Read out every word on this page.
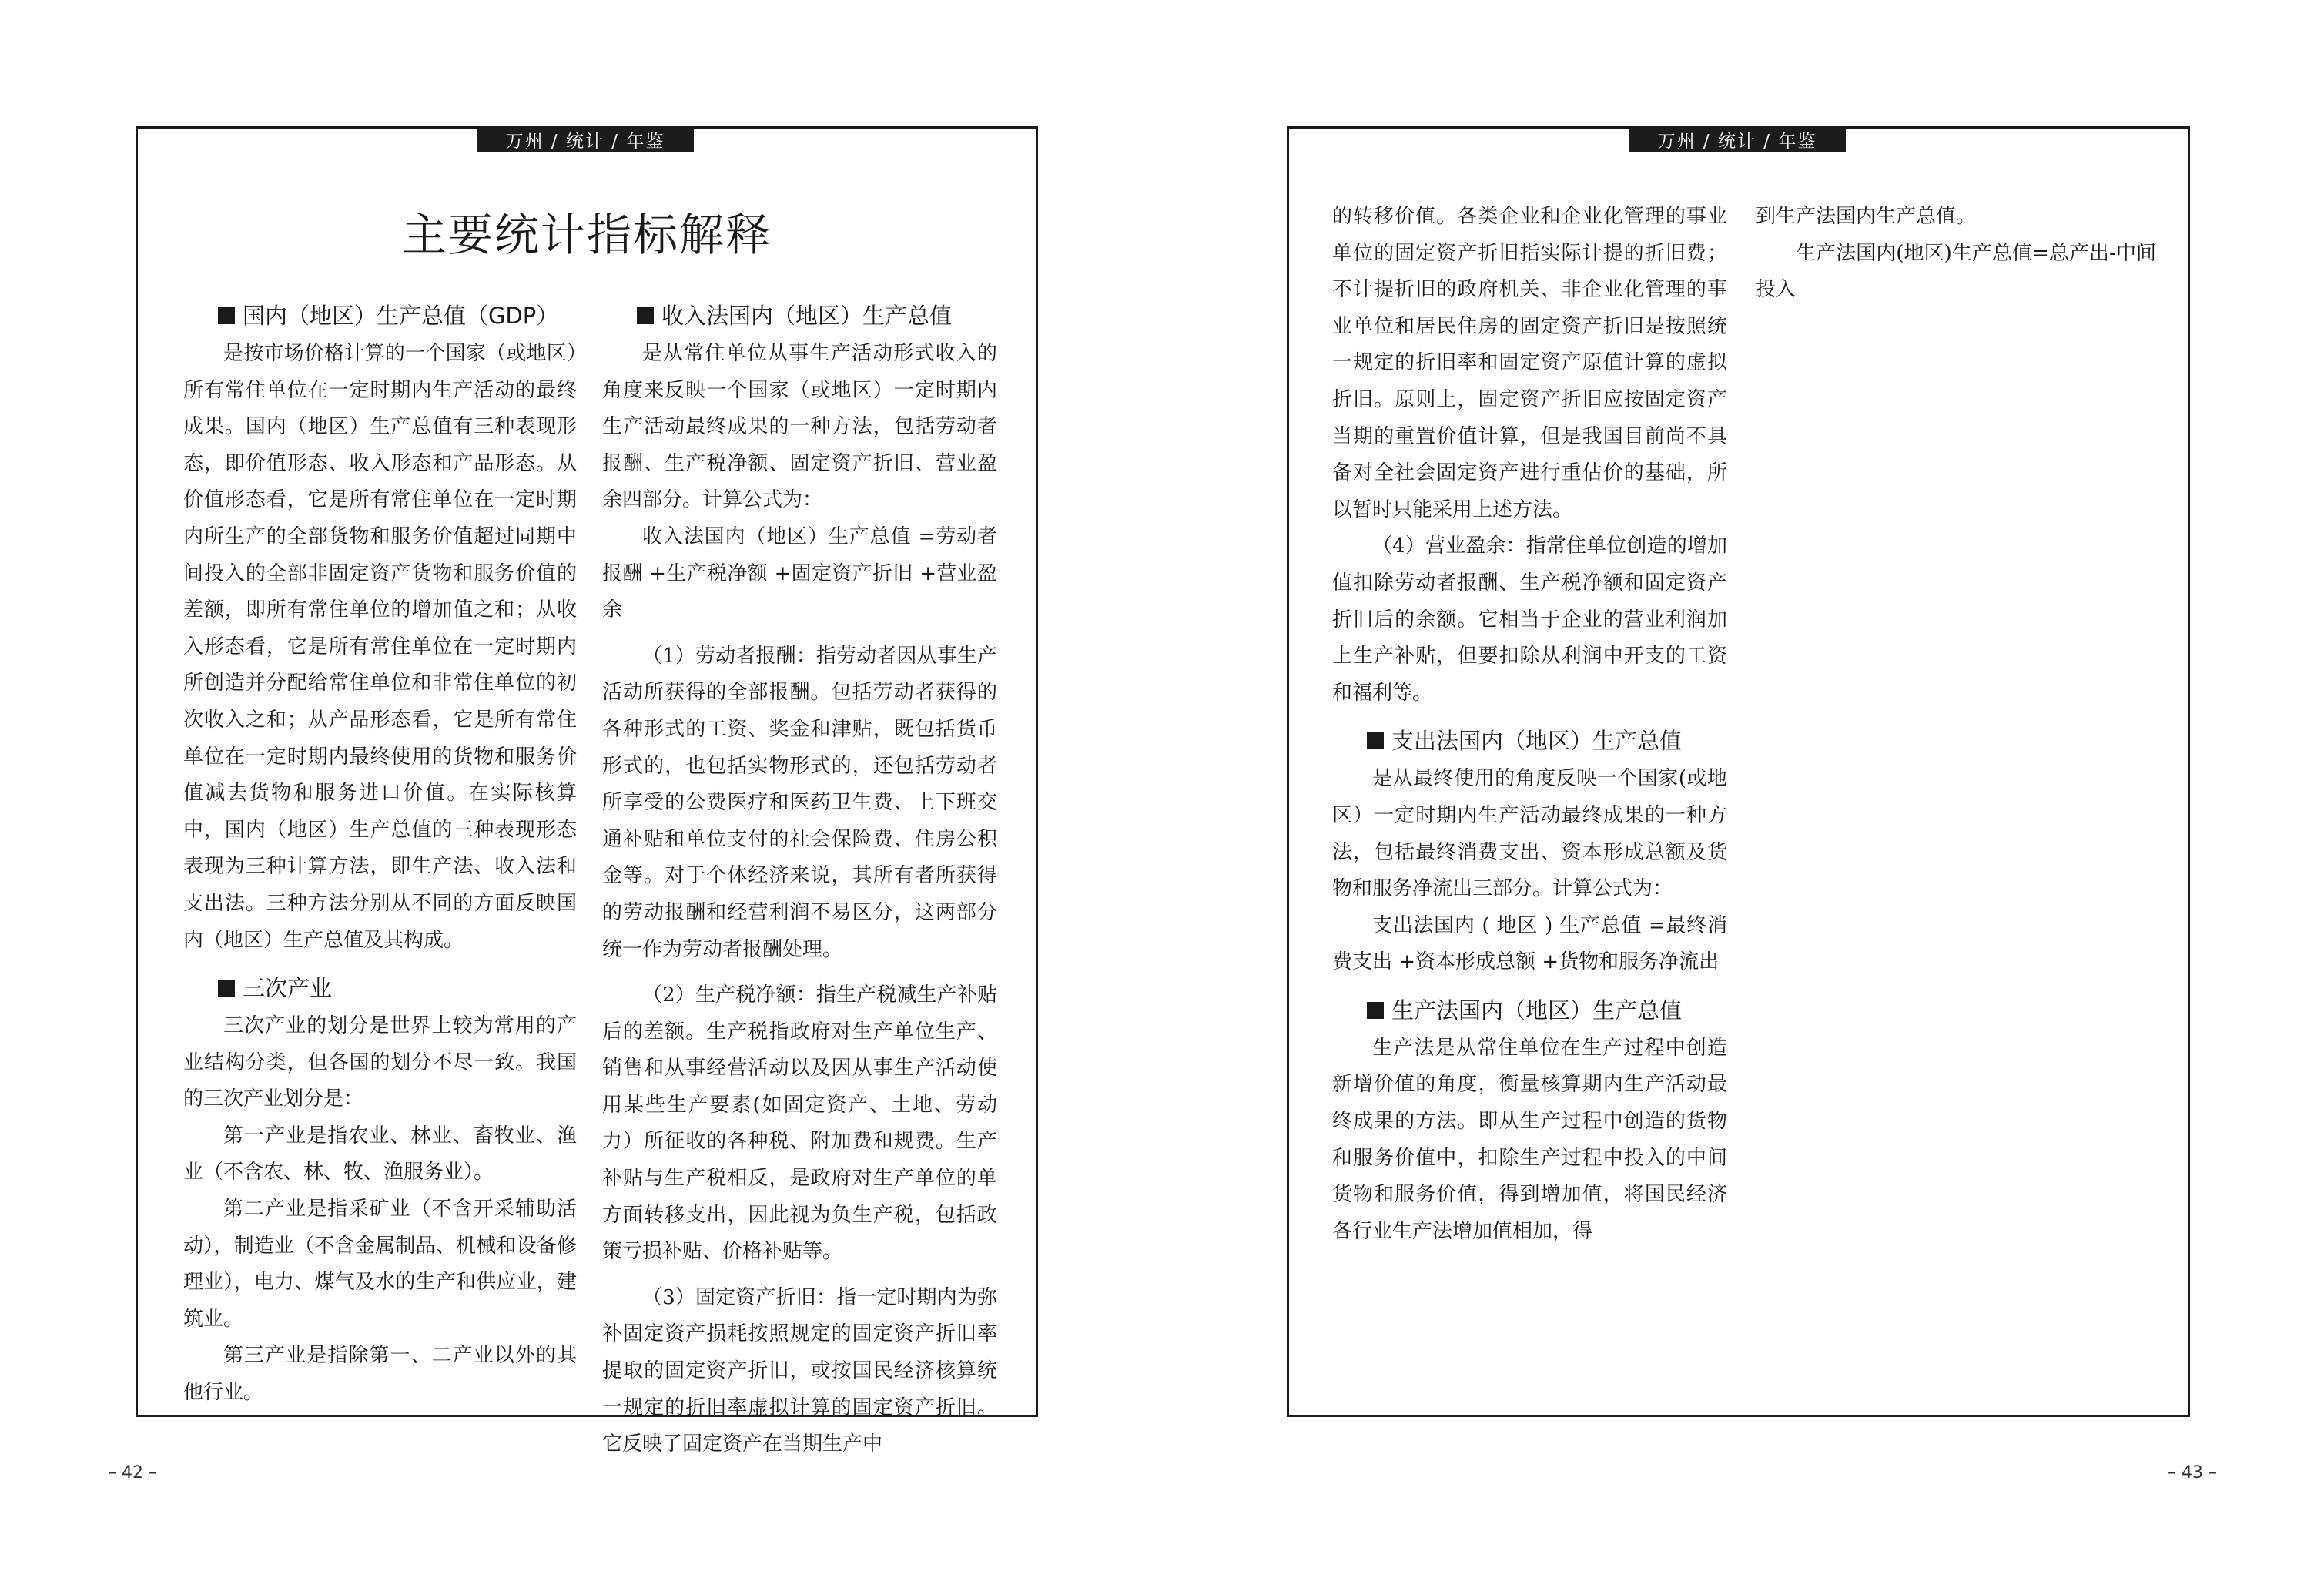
万州 / 统计 / 年鉴	万州 / 统计 / 年鉴
主要统计指标解释
国内（地区）生产总值（GDP）

是按市场价格计算的一个国家（或地区）所有常住单位在一定时期内生产活动的最终成果。国内（地区）生产总值有三种表现形态，即价值形态、收入形态和产品形态。从价值形态看，它是所有常住单位在一定时期内所生产的全部货物和服务价值超过同期中间投入的全部非固定资产货物和服务价值的差额，即所有常住单位的增加值之和；从收入形态看，它是所有常住单位在一定时期内所创造并分配给常住单位和非常住单位的初次收入之和；从产品形态看，它是所有常住单位在一定时期内最终使用的货物和服务价值减去货物和服务进口价值。在实际核算中，国内（地区）生产总值的三种表现形态表现为三种计算方法，即生产法、收入法和支出法。三种方法分别从不同的方面反映国内（地区）生产总值及其构成。

三次产业

三次产业的划分是世界上较为常用的产业结构分类，但各国的划分不尽一致。我国的三次产业划分是：

第一产业是指农业、林业、畜牧业、渔业（不含农、林、牧、渔服务业）。

第二产业是指采矿业（不含开采辅助活动），制造业（不含金属制品、机械和设备修理业），电力、煤气及水的生产和供应业，建筑业。

第三产业是指除第一、二产业以外的其他行业。

收入法国内（地区）生产总值

是从常住单位从事生产活动形式收入的角度来反映一个国家（或地区）一定时期内生产活动最终成果的一种方法，包括劳动者报酬、生产税净额、固定资产折旧、营业盈余四部分。计算公式为：

收入法国内（地区）生产总值 =劳动者报酬 +生产税净额 +固定资产折旧 +营业盈余

（1）劳动者报酬：指劳动者因从事生产活动所获得的全部报酬。包括劳动者获得的各种形式的工资、奖金和津贴，既包括货币形式的，也包括实物形式的，还包括劳动者所享受的公费医疗和医药卫生费、上下班交通补贴和单位支付的社会保险费、住房公积金等。对于个体经济来说，其所有者所获得的劳动报酬和经营利润不易区分，这两部分统一作为劳动者报酬处理。

（2）生产税净额：指生产税减生产补贴后的差额。生产税指政府对生产单位生产、销售和从事经营活动以及因从事生产活动使用某些生产要素(如固定资产、土地、劳动力）所征收的各种税、附加费和规费。生产补贴与生产税相反，是政府对生产单位的单方面转移支出，因此视为负生产税，包括政策亏损补贴、价格补贴等。

（3）固定资产折旧：指一定时期内为弥补固定资产损耗按照规定的固定资产折旧率提取的固定资产折旧，或按国民经济核算统一规定的折旧率虚拟计算的固定资产折旧。它反映了固定资产在当期生产中

的转移价值。各类企业和企业化管理的事业单位的固定资产折旧指实际计提的折旧费；不计提折旧的政府机关、非企业化管理的事业单位和居民住房的固定资产折旧是按照统一规定的折旧率和固定资产原值计算的虚拟折旧。原则上，固定资产折旧应按固定资产当期的重置价值计算，但是我国目前尚不具备对全社会固定资产进行重估价的基础，所以暂时只能采用上述方法。

（4）营业盈余：指常住单位创造的增加值扣除劳动者报酬、生产税净额和固定资产折旧后的余额。它相当于企业的营业利润加上生产补贴，但要扣除从利润中开支的工资和福利等。

支出法国内（地区）生产总值

是从最终使用的角度反映一个国家(或地区）一定时期内生产活动最终成果的一种方法，包括最终消费支出、资本形成总额及货物和服务净流出三部分。计算公式为：

支出法国内 ( 地区 ) 生产总值 =最终消费支出 +资本形成总额 +货物和服务净流出

生产法国内（地区）生产总值

生产法是从常住单位在生产过程中创造新增价值的角度，衡量核算期内生产活动最终成果的方法。即从生产过程中创造的货物和服务价值中，扣除生产过程中投入的中间货物和服务价值，得到增加值，将国民经济各行业生产法增加值相加，得

到生产法国内生产总值。

生产法国内(地区)生产总值=总产出-中间投入

– 42 –	– 43 –
